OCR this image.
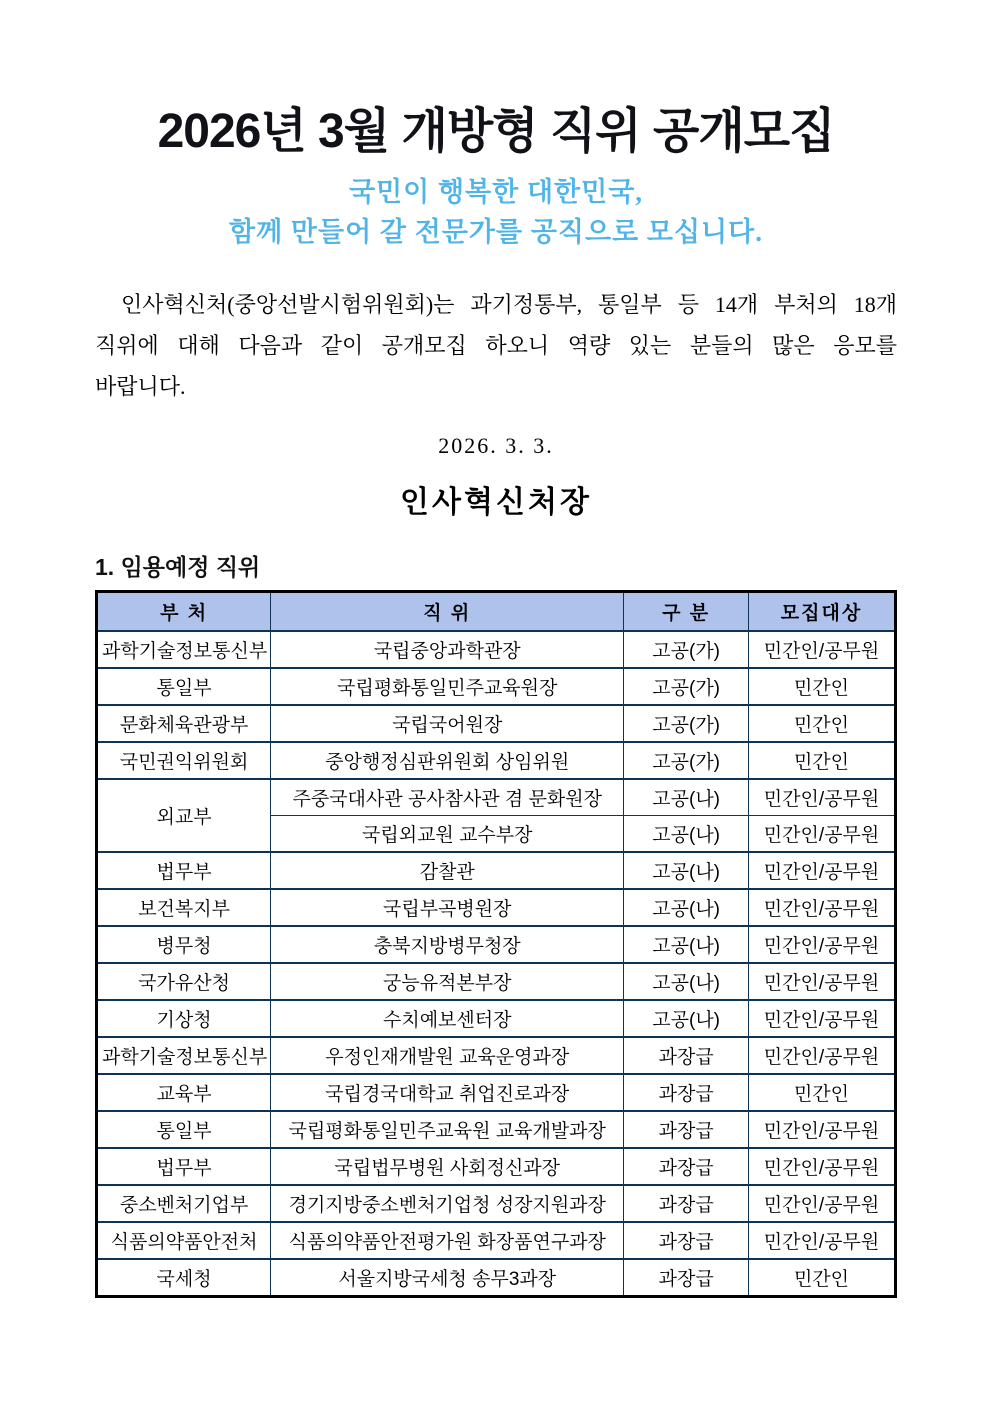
2026년 3월 개방형 직위 공개모집
국민이 행복한 대한민국,
함께 만들어 갈 전문가를 공직으로 모십니다.

인사혁신처(중앙선발시험위원회)는 과기정통부, 통일부 등 14개 부처의 18개

직위에 대해 다음과 같이 공개모집 하오니 역량 있는 분들의 많은 응모를

바랍니다.

2026. 3. 3.
인사혁신처장
1. 임용예정 직위
부 처	직 위	구 분	모집대상
과학기술정보통신부	국립중앙과학관장	고공(가)	민간인/공무원
통일부	국립평화통일민주교육원장	고공(가)	민간인
문화체육관광부	국립국어원장	고공(가)	민간인
국민권익위원회	중앙행정심판위원회 상임위원	고공(가)	민간인
외교부	주중국대사관 공사참사관 겸 문화원장	고공(나)	민간인/공무원
	국립외교원 교수부장	고공(나)	민간인/공무원
법무부	감찰관	고공(나)	민간인/공무원
보건복지부	국립부곡병원장	고공(나)	민간인/공무원
병무청	충북지방병무청장	고공(나)	민간인/공무원
국가유산청	궁능유적본부장	고공(나)	민간인/공무원
기상청	수치예보센터장	고공(나)	민간인/공무원
과학기술정보통신부	우정인재개발원 교육운영과장	과장급	민간인/공무원
교육부	국립경국대학교 취업진로과장	과장급	민간인
통일부	국립평화통일민주교육원 교육개발과장	과장급	민간인/공무원
법무부	국립법무병원 사회정신과장	과장급	민간인/공무원
중소벤처기업부	경기지방중소벤처기업청 성장지원과장	과장급	민간인/공무원
식품의약품안전처	식품의약품안전평가원 화장품연구과장	과장급	민간인/공무원
국세청	서울지방국세청 송무3과장	과장급	민간인
